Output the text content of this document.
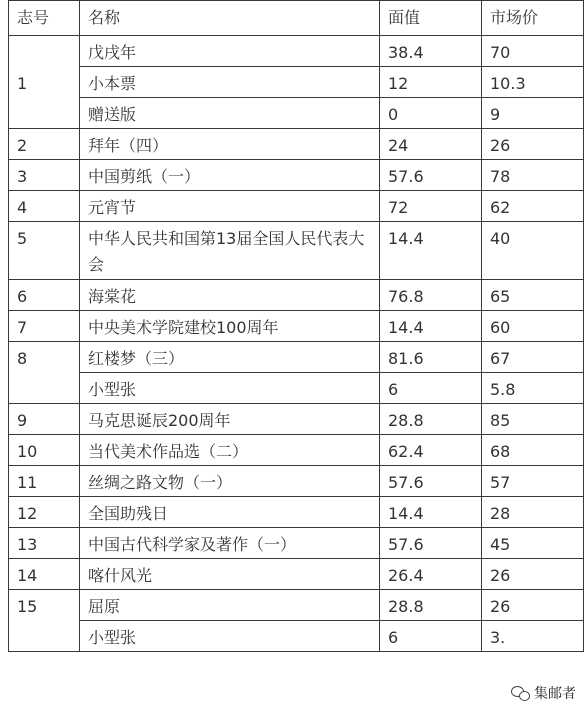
志号	名称	面值	市场价
1	戊戌年	38.4	70
	小本票	12	10.3
	赠送版	0	9
2	拜年（四）	24	26
3	中国剪纸（一）	57.6	78
4	元宵节	72	62
5	中华人民共和国第13届全国人民代表大会	14.4	40
6	海棠花	76.8	65
7	中央美术学院建校100周年	14.4	60
8	红楼梦（三）	81.6	67
	小型张	6	5.8
9	马克思诞辰200周年	28.8	85
10	当代美术作品选（二）	62.4	68
11	丝绸之路文物（一）	57.6	57
12	全国助残日	14.4	28
13	中国古代科学家及著作（一）	57.6	45
14	喀什风光	26.4	26
15	屈原	28.8	26
	小型张	6	3.
集邮者
